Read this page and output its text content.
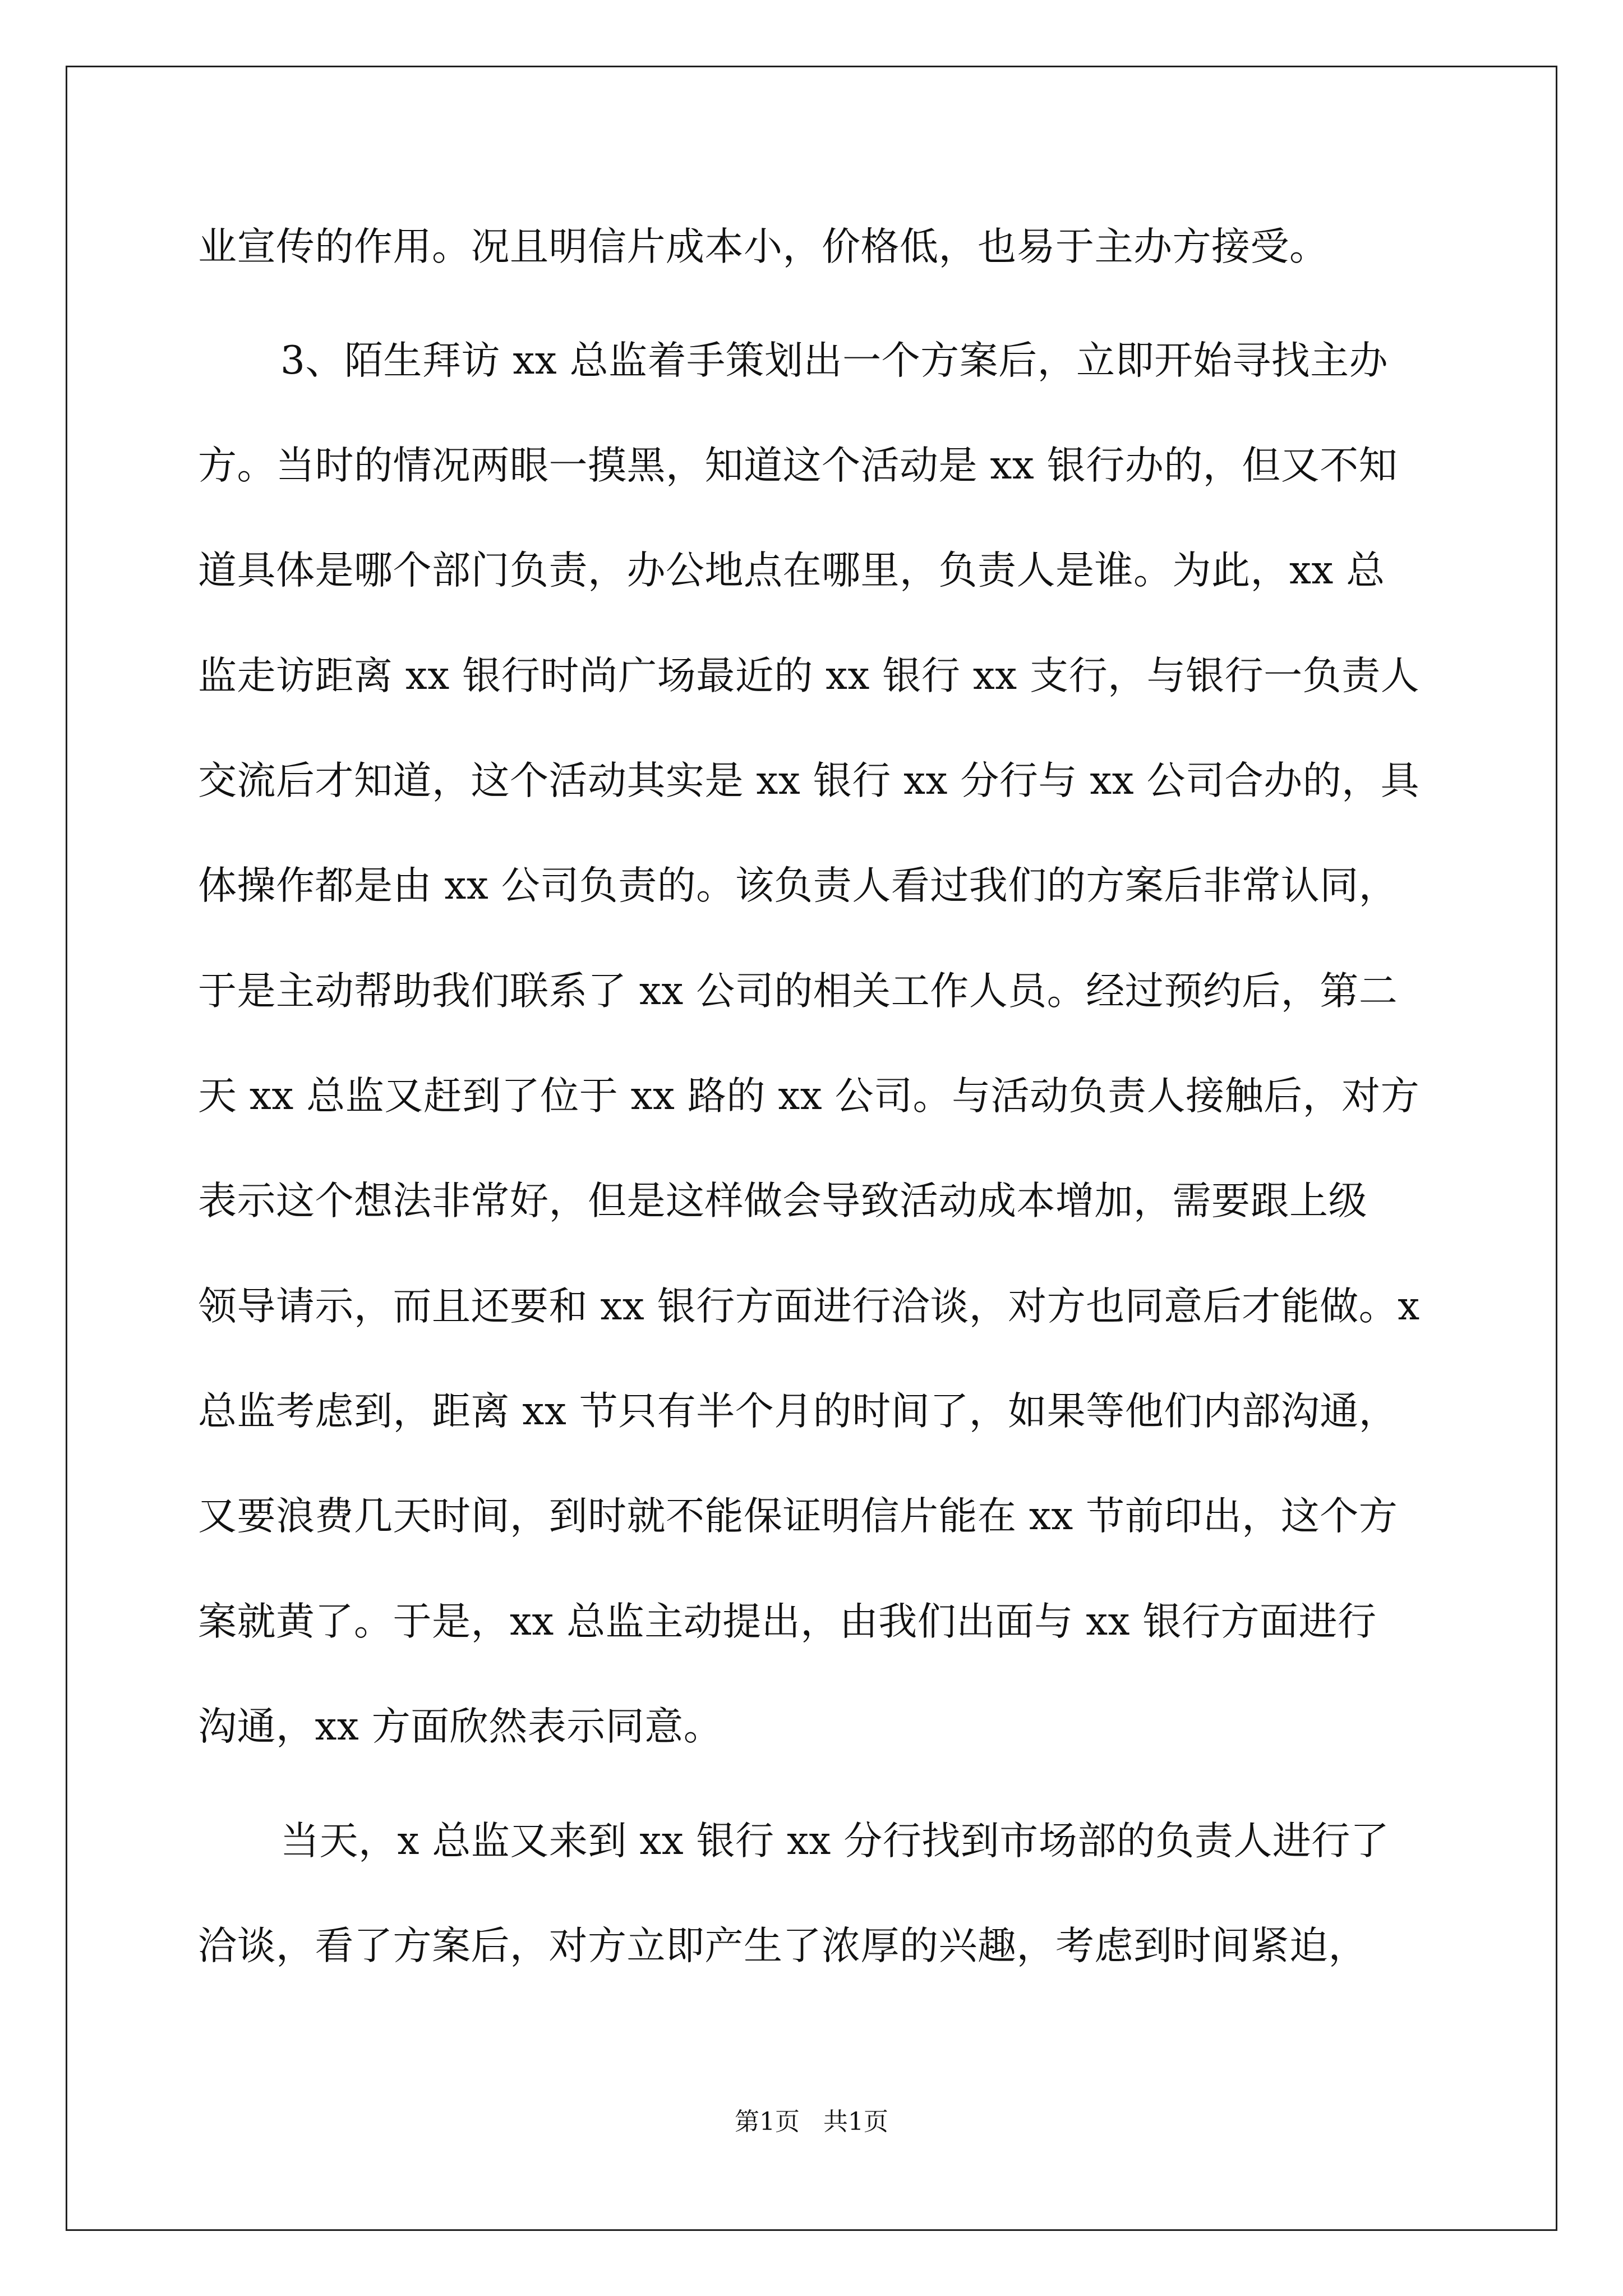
业宣传的作用。况且明信片成本小，价格低，也易于主办方接受。

3、陌生拜访 xx 总监着手策划出一个方案后，立即开始寻找主办

方。当时的情况两眼一摸黑，知道这个活动是 xx 银行办的，但又不知

道具体是哪个部门负责，办公地点在哪里，负责人是谁。为此，xx 总

监走访距离 xx 银行时尚广场最近的 xx 银行 xx 支行，与银行一负责人

交流后才知道，这个活动其实是 xx 银行 xx 分行与 xx 公司合办的，具

体操作都是由 xx 公司负责的。该负责人看过我们的方案后非常认同，

于是主动帮助我们联系了 xx 公司的相关工作人员。经过预约后，第二

天 xx 总监又赶到了位于 xx 路的 xx 公司。与活动负责人接触后，对方

表示这个想法非常好，但是这样做会导致活动成本增加，需要跟上级

领导请示，而且还要和 xx 银行方面进行洽谈，对方也同意后才能做。x

总监考虑到，距离 xx 节只有半个月的时间了，如果等他们内部沟通，

又要浪费几天时间，到时就不能保证明信片能在 xx 节前印出，这个方

案就黄了。于是，xx 总监主动提出，由我们出面与 xx 银行方面进行

沟通，xx 方面欣然表示同意。

当天，x 总监又来到 xx 银行 xx 分行找到市场部的负责人进行了

洽谈，看了方案后，对方立即产生了浓厚的兴趣，考虑到时间紧迫，

第1页   共1页
